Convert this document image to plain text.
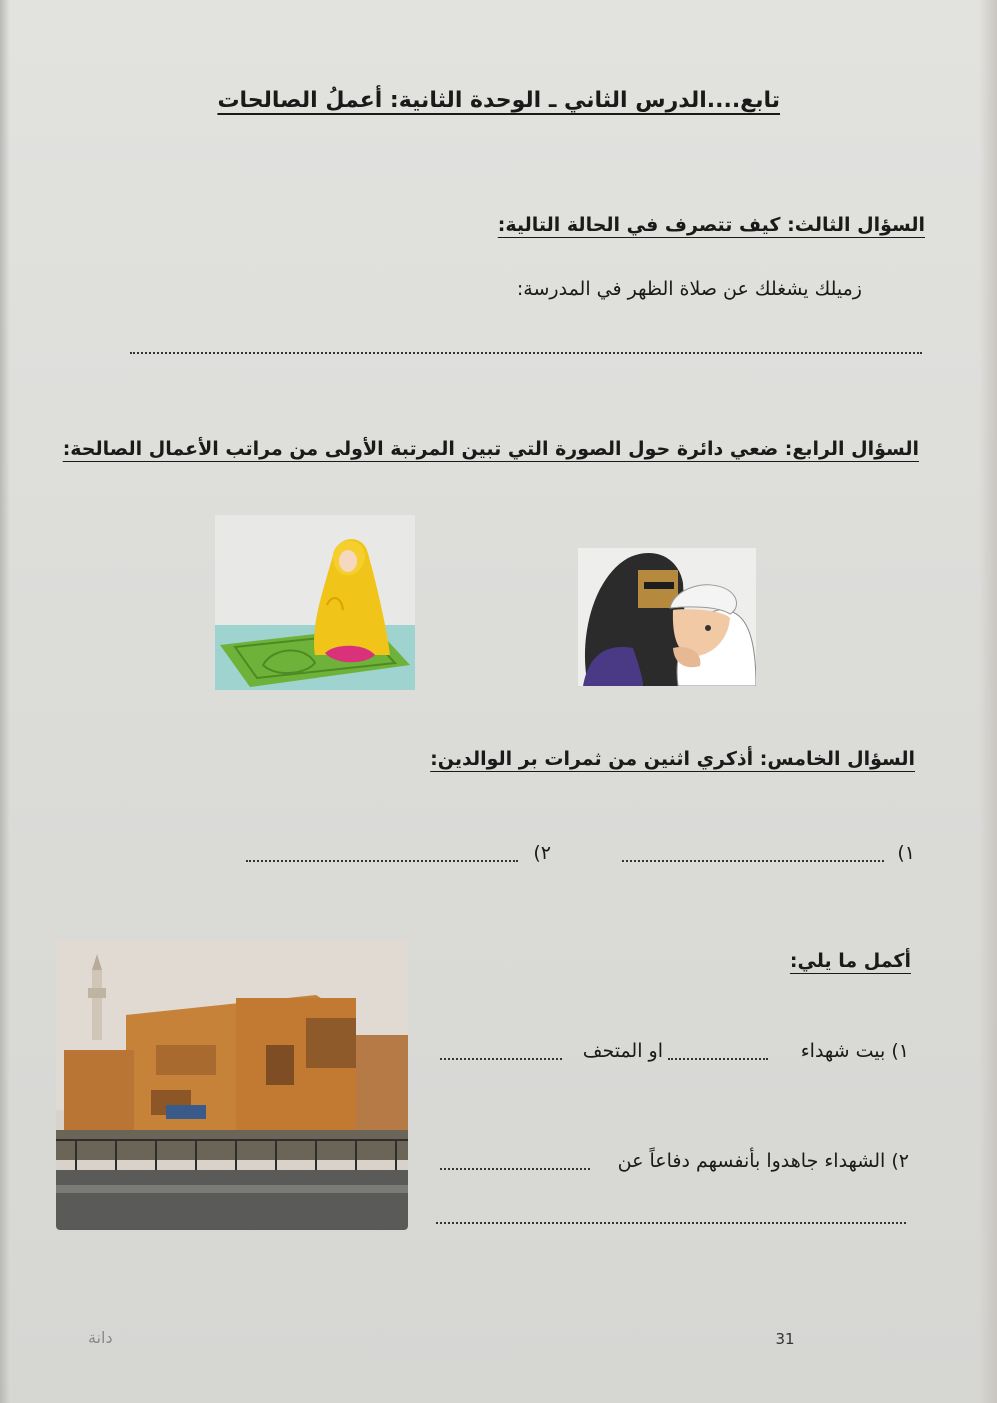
تابع....الدرس الثاني ـ الوحدة الثانية: أعملُ الصالحات
السؤال الثالث: كيف تتصرف في الحالة التالية:
زميلك يشغلك عن صلاة الظهر في المدرسة:
السؤال الرابع: ضعي دائرة حول الصورة التي تبين المرتبة الأولى من مراتب الأعمال الصالحة:
السؤال الخامس: أذكري اثنين من ثمرات بر الوالدين:
١)
٢)
أكمل ما يلي:
١) بيت شهداء
او المتحف
٢) الشهداء جاهدوا بأنفسهم دفاعاً عن
31
دانة
